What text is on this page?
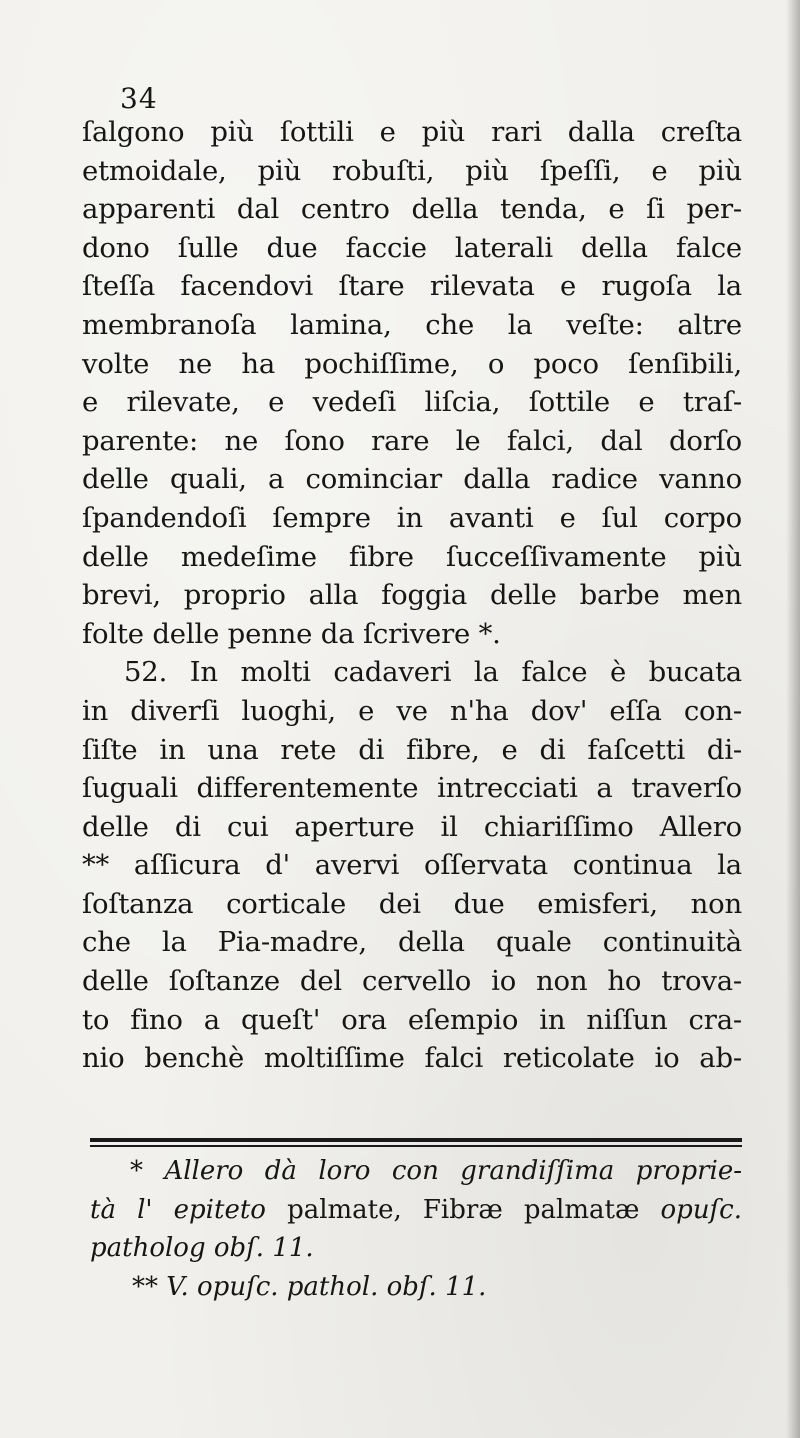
34
ſalgono più ſottili e più rari dalla creſta
etmoidale, più robuſti, più ſpeſſi, e più
apparenti dal centro della tenda, e ſi per-
dono ſulle due faccie laterali della falce
ſteſſa facendovi ſtare rilevata e rugoſa la
membranoſa lamina, che la veſte: altre
volte ne ha pochiſſime, o poco ſenſibili,
e rilevate, e vedeſi liſcia, ſottile e traſ-
parente: ne ſono rare le falci, dal dorſo
delle quali, a cominciar dalla radice vanno
ſpandendoſi ſempre in avanti e ſul corpo
delle medeſime fibre ſucceſſivamente più
brevi, proprio alla foggia delle barbe men
folte delle penne da ſcrivere *.
52. In molti cadaveri la falce è bucata
in diverſi luoghi, e ve n'ha dov' eſſa con-
ſiſte in una rete di fibre, e di faſcetti di-
ſuguali differentemente intrecciati a traverſo
delle di cui aperture il chiariſſimo Allero
** aſſicura d' avervi oſſervata continua la
ſoſtanza corticale dei due emisferi, non
che la Pia-madre, della quale continuità
delle ſoſtanze del cervello io non ho trova-
to fino a queſt' ora eſempio in niſſun cra-
nio benchè moltiſſime falci reticolate io ab-
* Allero dà loro con grandiſſima proprie-
tà l' epiteto palmate, Fibræ palmatæ opuſc.
patholog obſ. 11.
** V. opuſc. pathol. obſ. 11.
